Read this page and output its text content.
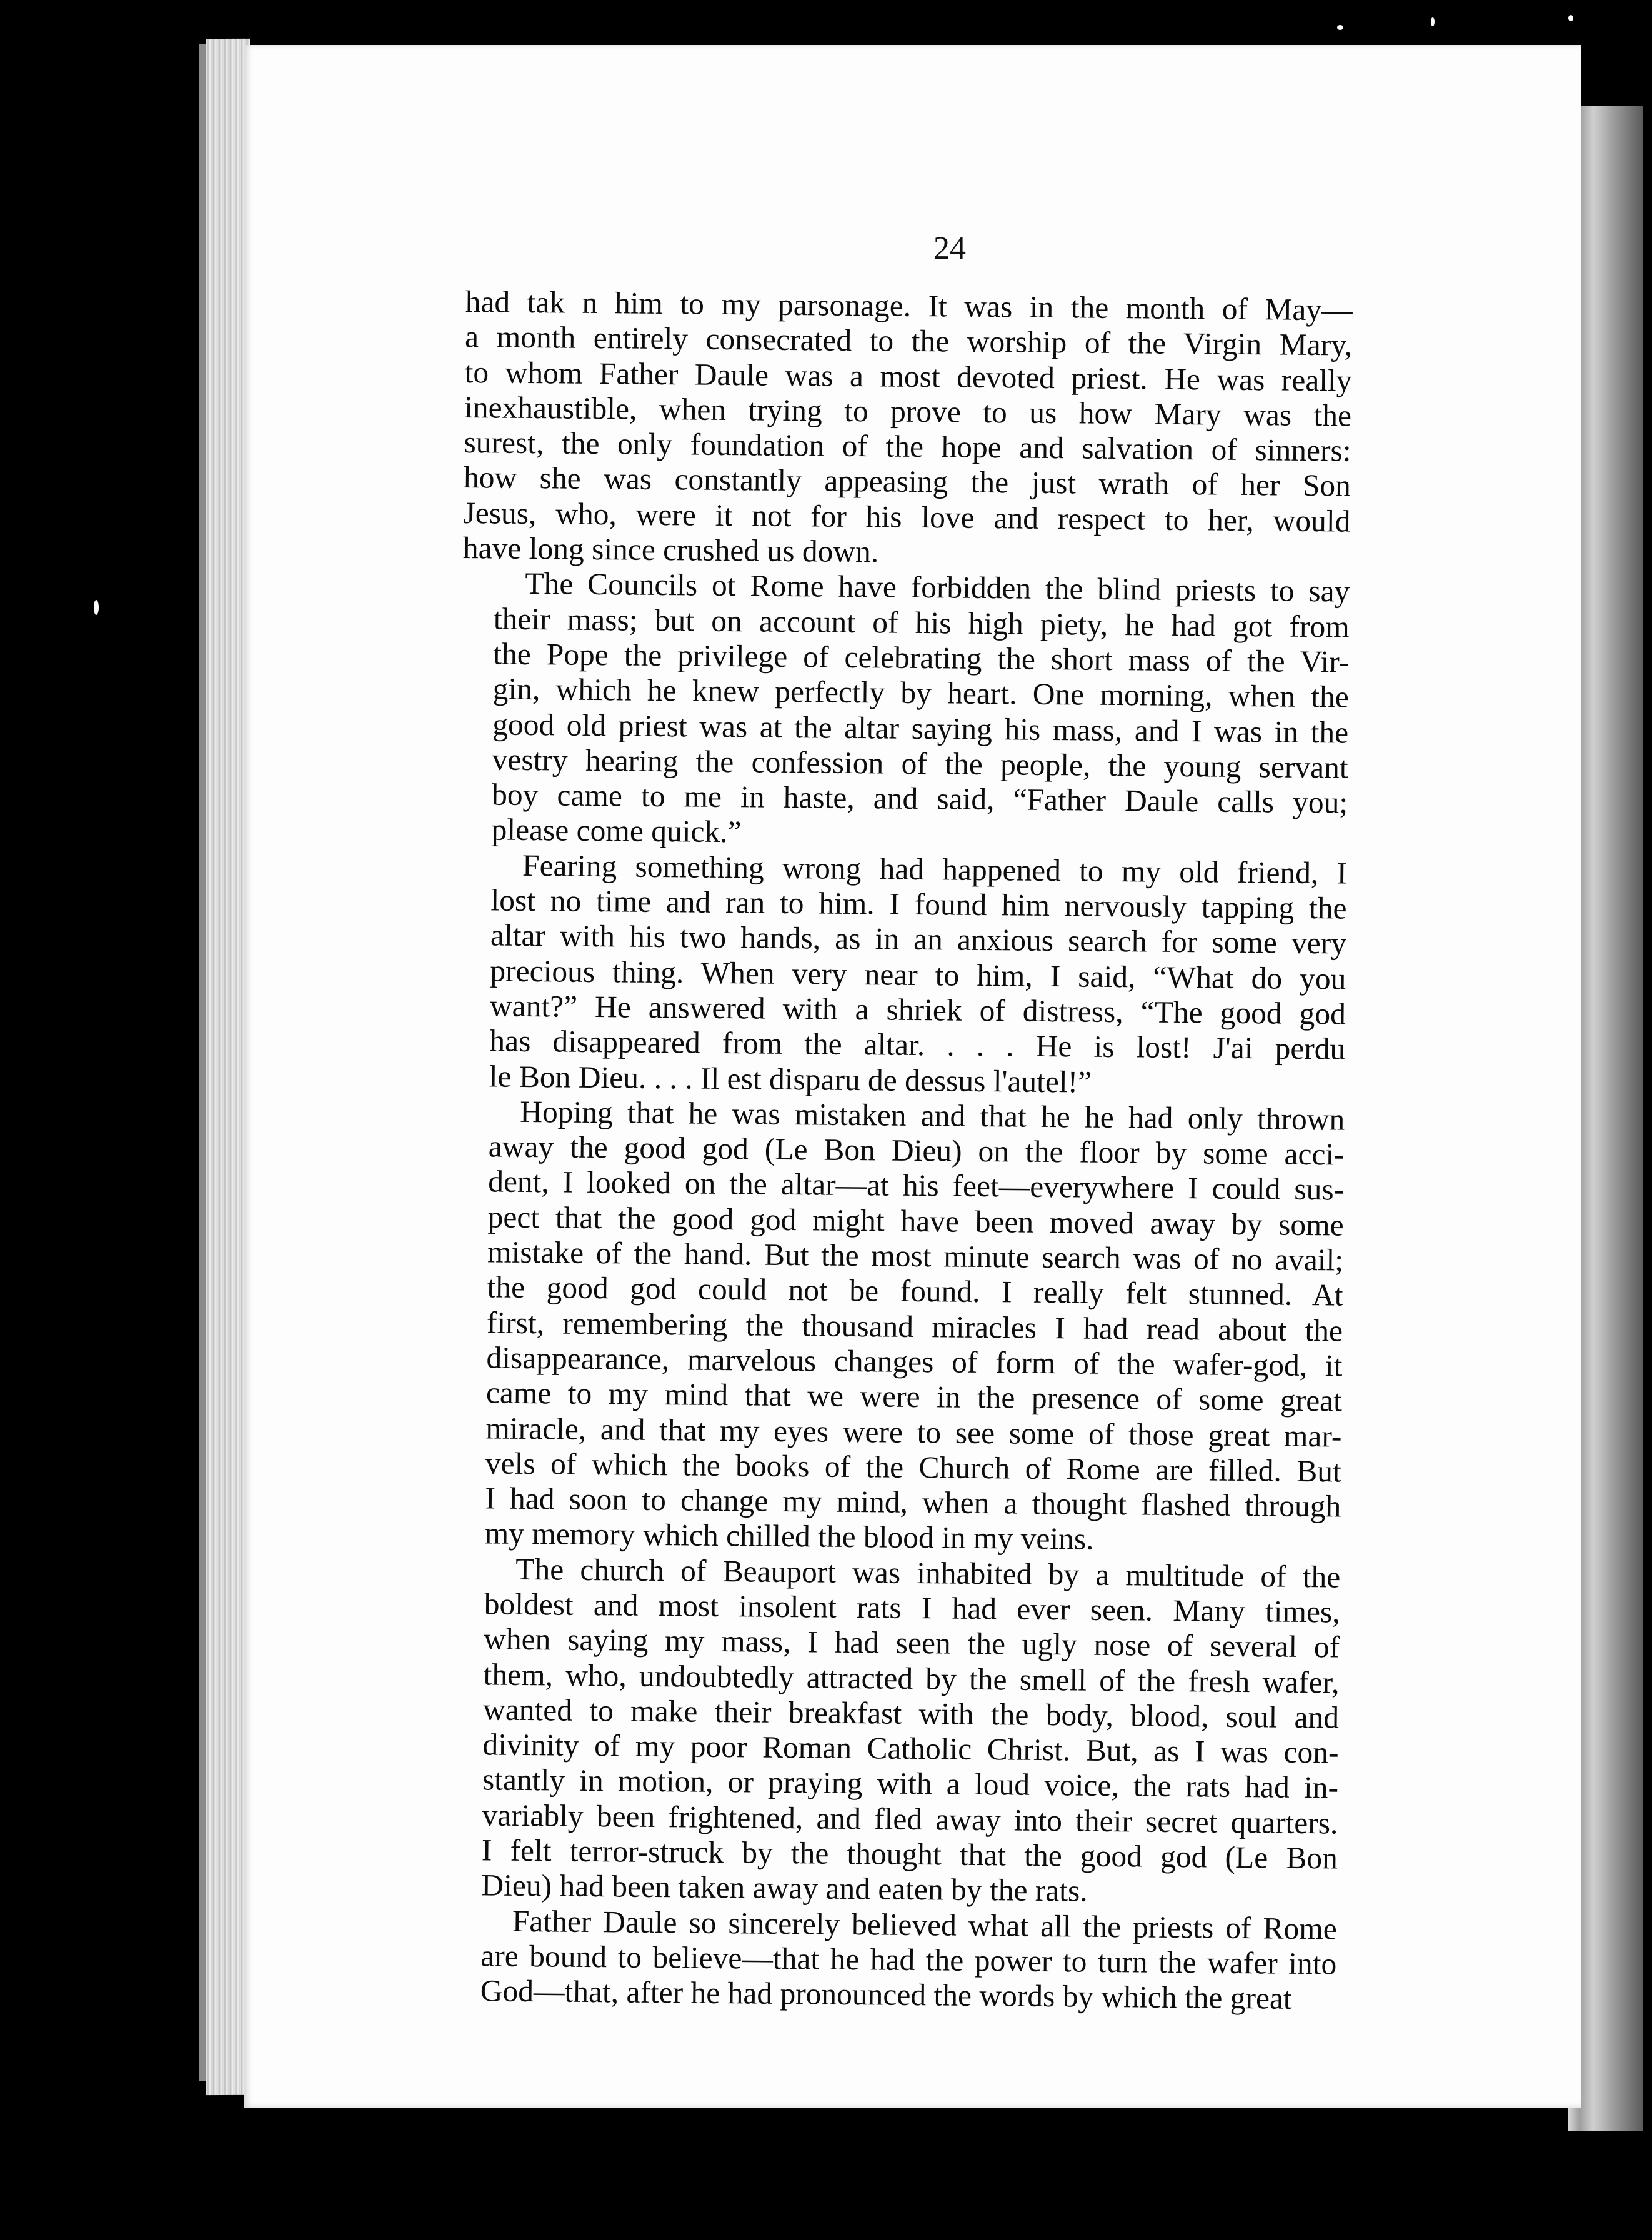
24
had tak n him to my parsonage. It was in the month of May—
a month entirely consecrated to the worship of the Virgin Mary,
to whom Father Daule was a most devoted priest. He was really
inexhaustible, when trying to prove to us how Mary was the
surest, the only foundation of the hope and salvation of sinners:
how she was constantly appeasing the just wrath of her Son
Jesus, who, were it not for his love and respect to her, would
have long since crushed us down.
The Councils ot Rome have forbidden the blind priests to say
their mass; but on account of his high piety, he had got from
the Pope the privilege of celebrating the short mass of the Vir-
gin, which he knew perfectly by heart. One morning, when the
good old priest was at the altar saying his mass, and I was in the
vestry hearing the confession of the people, the young servant
boy came to me in haste, and said, “Father Daule calls you;
please come quick.”
Fearing something wrong had happened to my old friend, I
lost no time and ran to him. I found him nervously tapping the
altar with his two hands, as in an anxious search for some very
precious thing. When very near to him, I said, “What do you
want?” He answered with a shriek of distress, “The good god
has disappeared from the altar. . . . He is lost! J'ai perdu
le Bon Dieu. . . . Il est disparu de dessus l'autel!”
Hoping that he was mistaken and that he he had only thrown
away the good god (Le Bon Dieu) on the floor by some acci-
dent, I looked on the altar—at his feet—everywhere I could sus-
pect that the good god might have been moved away by some
mistake of the hand. But the most minute search was of no avail;
the good god could not be found. I really felt stunned. At
first, remembering the thousand miracles I had read about the
disappearance, marvelous changes of form of the wafer-god, it
came to my mind that we were in the presence of some great
miracle, and that my eyes were to see some of those great mar-
vels of which the books of the Church of Rome are filled. But
I had soon to change my mind, when a thought flashed through
my memory which chilled the blood in my veins.
The church of Beauport was inhabited by a multitude of the
boldest and most insolent rats I had ever seen. Many times,
when saying my mass, I had seen the ugly nose of several of
them, who, undoubtedly attracted by the smell of the fresh wafer,
wanted to make their breakfast with the body, blood, soul and
divinity of my poor Roman Catholic Christ. But, as I was con-
stantly in motion, or praying with a loud voice, the rats had in-
variably been frightened, and fled away into their secret quarters.
I felt terror-struck by the thought that the good god (Le Bon
Dieu) had been taken away and eaten by the rats.
Father Daule so sincerely believed what all the priests of Rome
are bound to believe—that he had the power to turn the wafer into
God—that, after he had pronounced the words by which the great
